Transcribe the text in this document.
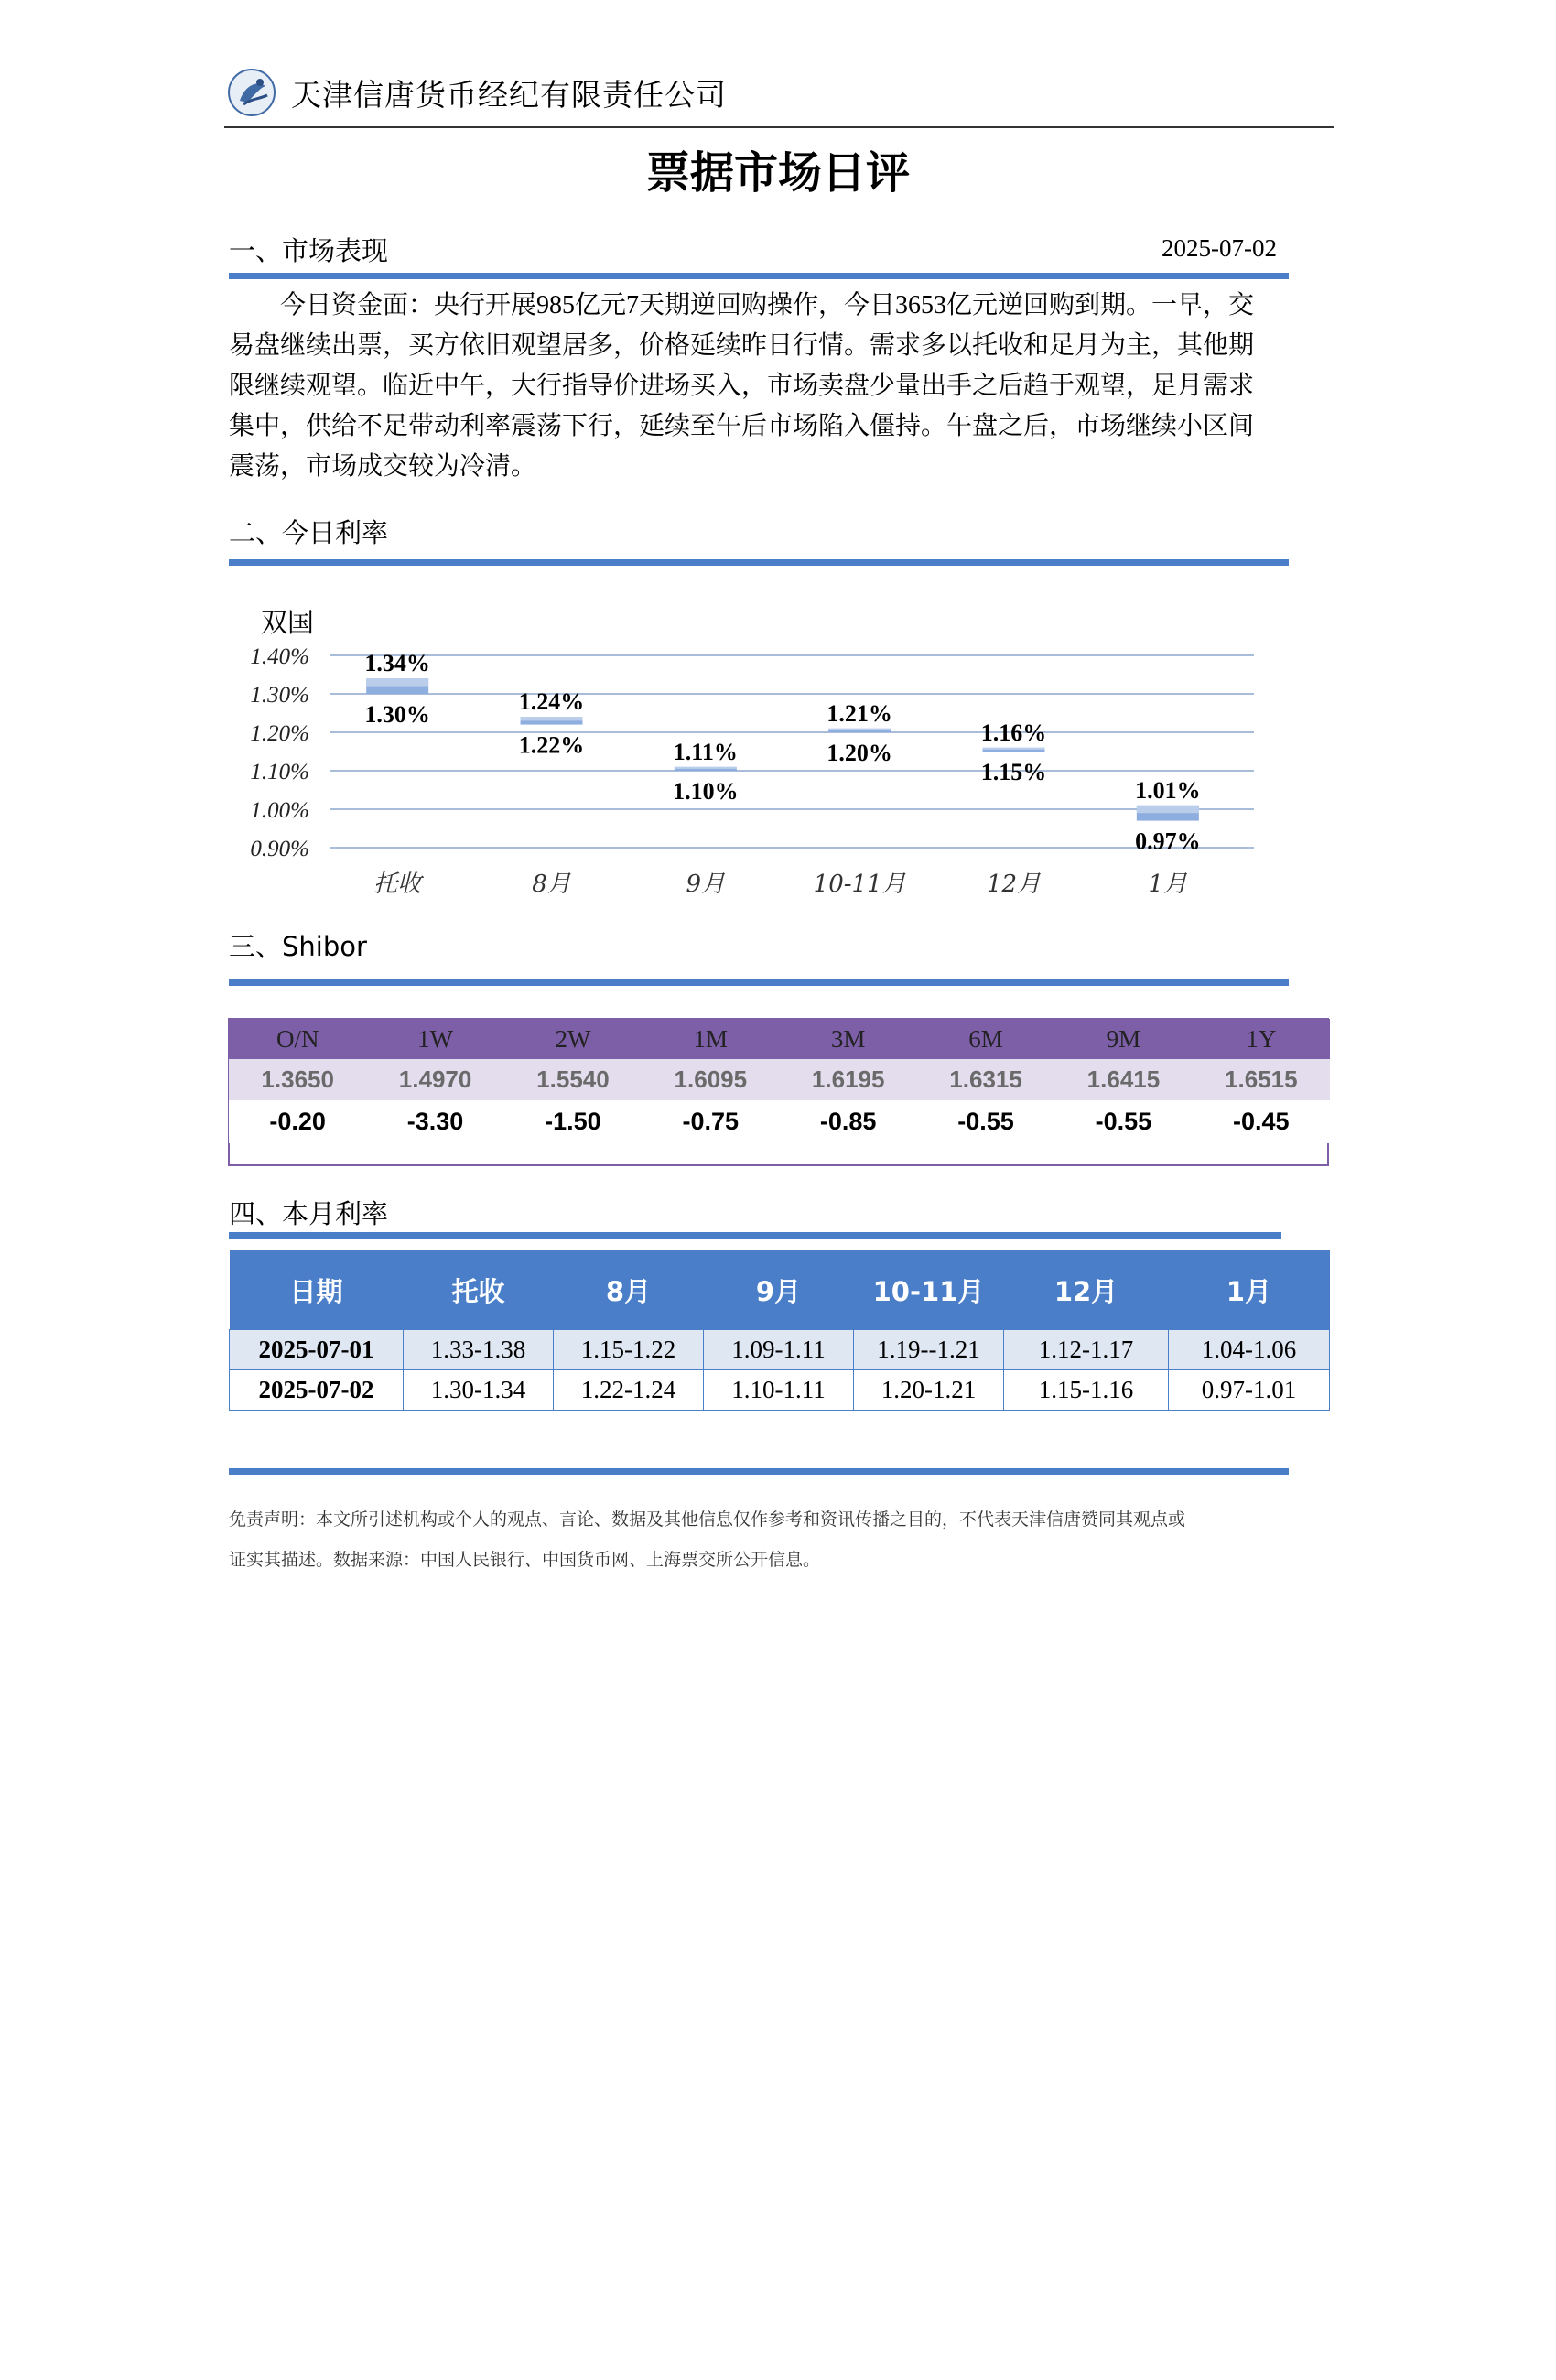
天津信唐货币经纪有限责任公司
票据市场日评
一、市场表现	2025-07-02
今日资金面：央行开展985亿元7天期逆回购操作，今日3653亿元逆回购到期。一早，交
易盘继续出票，买方依旧观望居多，价格延续昨日行情。需求多以托收和足月为主，其他期
限继续观望。临近中午，大行指导价进场买入，市场卖盘少量出手之后趋于观望，足月需求
集中，供给不足带动利率震荡下行，延续至午后市场陷入僵持。午盘之后，市场继续小区间
震荡，市场成交较为冷清。
二、今日利率
双国
0.90%
1.00%
1.10%
1.20%
1.30%
1.40% 1.34%
1.30%
托收
1.24%
1.22%
8月
1.11%
1.10%
9月
1.21%
1.20%
10-11月
1.16%
1.15%
12月
1.01%
0.97%
1月
三、Shibor
O/N	1W	2W	1M	3M	6M	9M	1Y
1.3650	1.4970	1.5540	1.6095	1.6195	1.6315	1.6415	1.6515
-0.20	-3.30	-1.50	-0.75	-0.85	-0.55	-0.55	-0.45
四、本月利率
日期	托收	8月	9月	10-11月	12月	1月
2025-07-01	1.33-1.38	1.15-1.22	1.09-1.11	1.19--1.21	1.12-1.17	1.04-1.06
2025-07-02	1.30-1.34	1.22-1.24	1.10-1.11	1.20-1.21	1.15-1.16	0.97-1.01
免责声明：本文所引述机构或个人的观点、言论、数据及其他信息仅作参考和资讯传播之目的，不代表天津信唐赞同其观点或
证实其描述。数据来源：中国人民银行、中国货币网、上海票交所公开信息。
